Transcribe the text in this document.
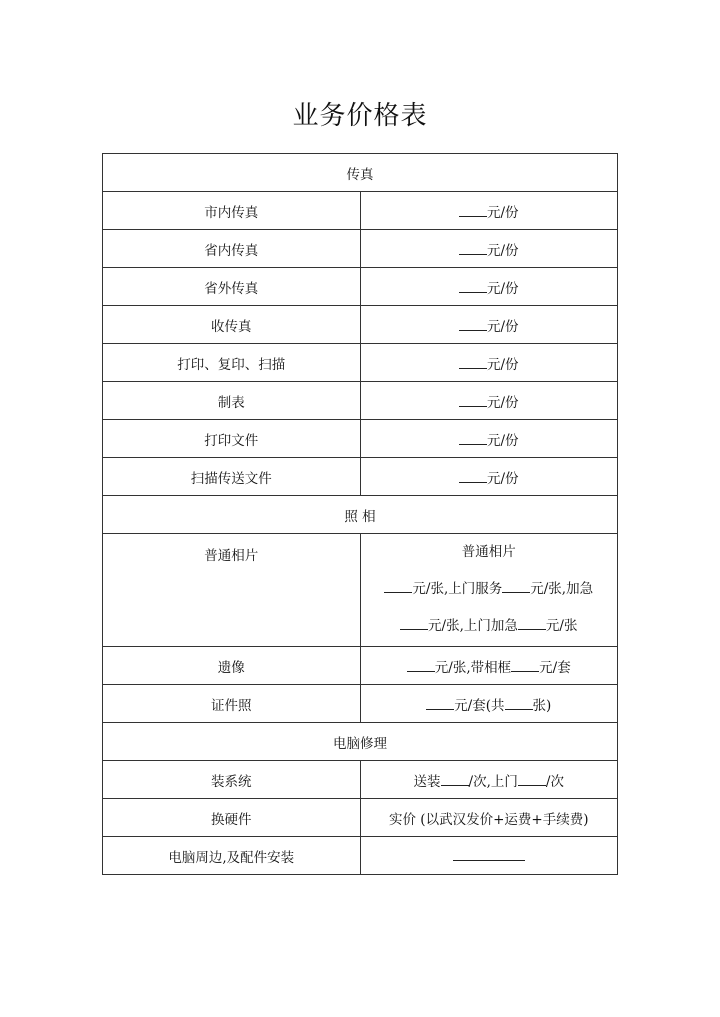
业务价格表
传真	
市内传真	元/份
省内传真	元/份
省外传真	元/份
收传真	元/份
打印、复印、扫描	元/份
制表	元/份
打印文件	元/份
扫描传送文件	元/份
照 相	
普通相片	普通相片
元/张,上门服务 元/张,加急
元/张,上门加急 元/张

遗像	元/张,带相框 元/套
证件照	元/套(共 张)
电脑修理	
装系统	送装 /次,上门 /次
换硬件	实价 (以武汉发价+运费+手续费)
电脑周边,及配件安装	
